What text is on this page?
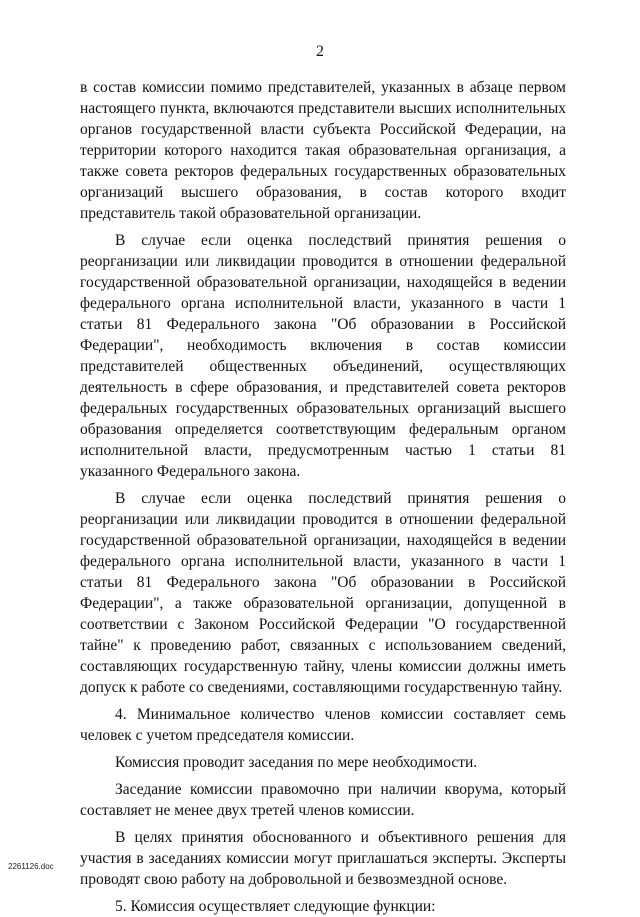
2

в состав комиссии помимо представителей, указанных в абзаце первом настоящего пункта, включаются представители высших исполнительных органов государственной власти субъекта Российской Федерации, на территории которого находится такая образовательная организация, а также совета ректоров федеральных государственных образовательных организаций высшего образования, в состав которого входит представитель такой образовательной организации.

В случае если оценка последствий принятия решения о реорганизации или ликвидации проводится в отношении федеральной государственной образовательной организации, находящейся в ведении федерального органа исполнительной власти, указанного в части 1 статьи 81 Федерального закона "Об образовании в Российской Федерации", необходимость включения в состав комиссии представителей общественных объединений, осуществляющих деятельность в сфере образования, и представителей совета ректоров федеральных государственных образовательных организаций высшего образования определяется соответствующим федеральным органом исполнительной власти, предусмотренным частью 1 статьи 81 указанного Федерального закона.

В случае если оценка последствий принятия решения о реорганизации или ликвидации проводится в отношении федеральной государственной образовательной организации, находящейся в ведении федерального органа исполнительной власти, указанного в части 1 статьи 81 Федерального закона "Об образовании в Российской Федерации", а также образовательной организации, допущенной в соответствии с Законом Российской Федерации "О государственной тайне" к проведению работ, связанных с использованием сведений, составляющих государственную тайну, члены комиссии должны иметь допуск к работе со сведениями, составляющими государственную тайну.

4. Минимальное количество членов комиссии составляет семь человек с учетом председателя комиссии.

Комиссия проводит заседания по мере необходимости.

Заседание комиссии правомочно при наличии кворума, который составляет не менее двух третей членов комиссии.

В целях принятия обоснованного и объективного решения для участия в заседаниях комиссии могут приглашаться эксперты. Эксперты проводят свою работу на добровольной и безвозмездной основе.

5. Комиссия осуществляет следующие функции:

2261126.doc
